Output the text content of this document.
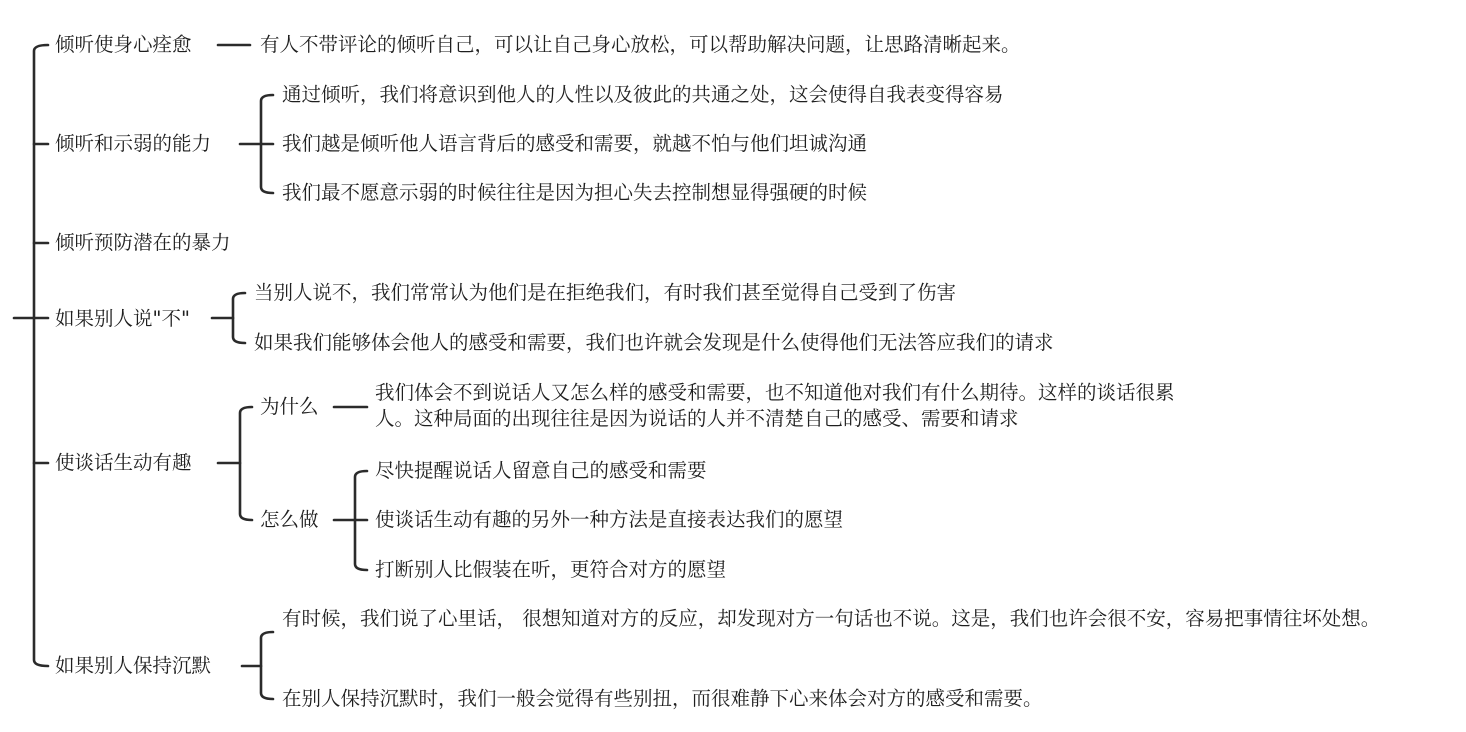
倾听使身心痊愈
倾听和示弱的能力
倾听预防潜在的暴力
如果别人说"不"
使谈话生动有趣
如果别人保持沉默
有人不带评论的倾听自己，可以让自己身心放松，可以帮助解决问题，让思路清晰起来。
通过倾听，我们将意识到他人的人性以及彼此的共通之处，这会使得自我表变得容易
我们越是倾听他人语言背后的感受和需要，就越不怕与他们坦诚沟通
我们最不愿意示弱的时候往往是因为担心失去控制想显得强硬的时候
当别人说不，我们常常认为他们是在拒绝我们，有时我们甚至觉得自己受到了伤害
如果我们能够体会他人的感受和需要，我们也许就会发现是什么使得他们无法答应我们的请求
为什么
怎么做
我们体会不到说话人又怎么样的感受和需要，也不知道他对我们有什么期待。这样的谈话很累人。这种局面的出现往往是因为说话的人并不清楚自己的感受、需要和请求
尽快提醒说话人留意自己的感受和需要
使谈话生动有趣的另外一种方法是直接表达我们的愿望
打断别人比假装在听，更符合对方的愿望
有时候，我们说了心里话， 很想知道对方的反应，却发现对方一句话也不说。这是，我们也许会很不安，容易把事情往坏处想。
在别人保持沉默时，我们一般会觉得有些别扭，而很难静下心来体会对方的感受和需要。
